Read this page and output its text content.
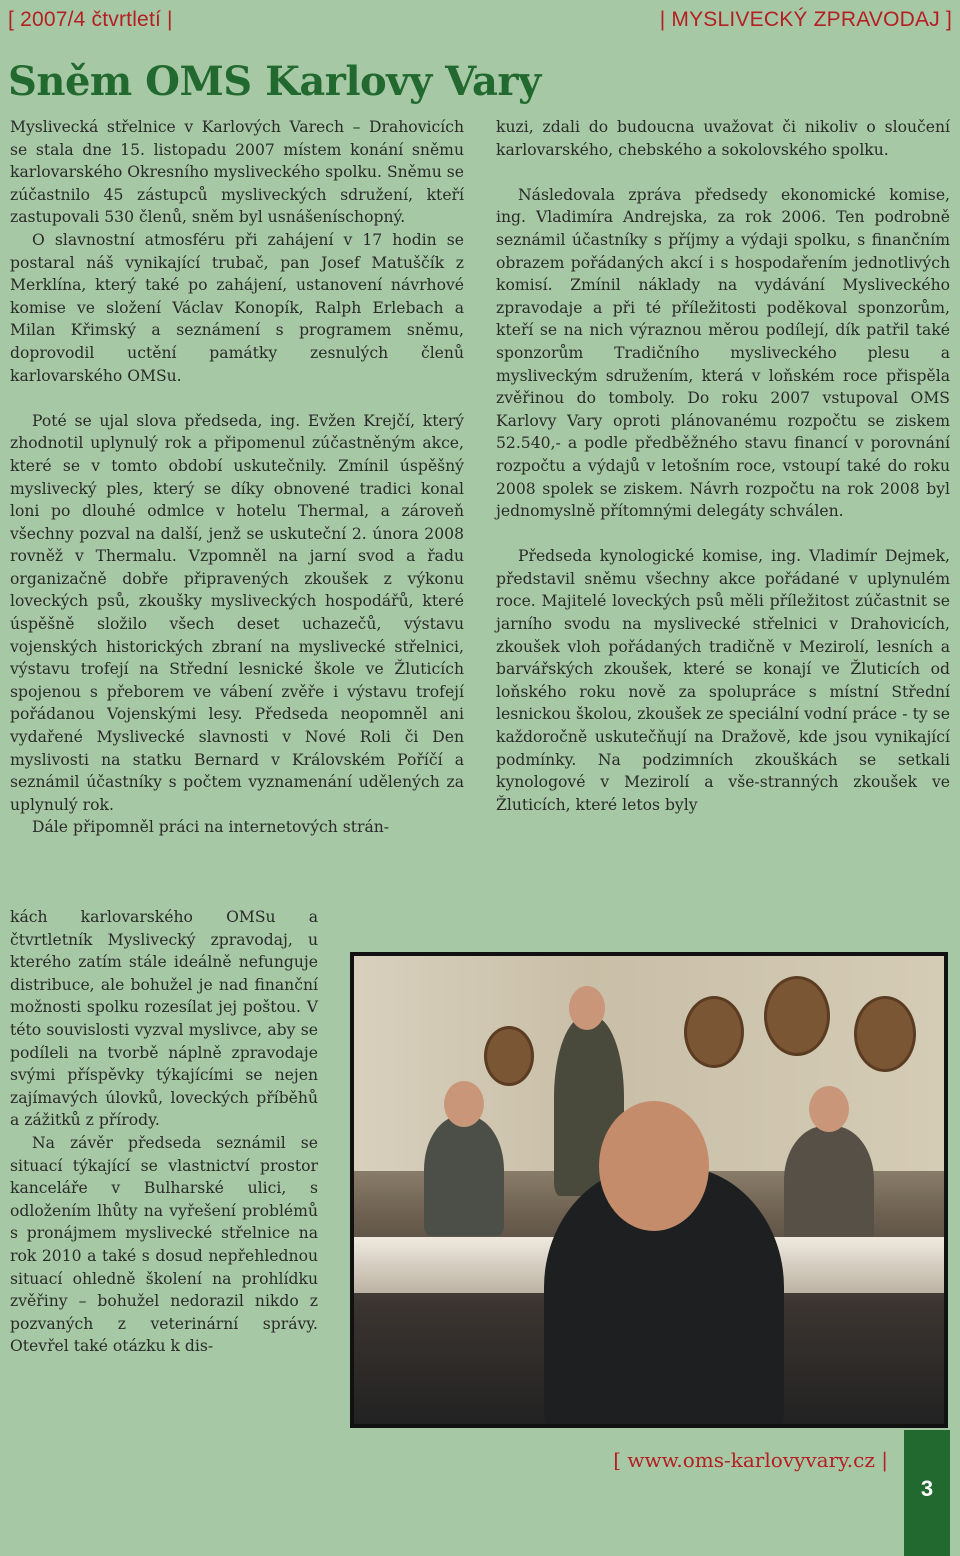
[ 2007/4 čtvrtletí |	| MYSLIVECKÝ ZPRAVODAJ ]
Sněm OMS Karlovy Vary

Myslivecká střelnice v Karlových Varech – Drahovicích se stala dne 15. listopadu 2007 místem konání sněmu karlovarského Okresního mysliveckého spolku. Sněmu se zúčastnilo 45 zástupců mysliveckých sdružení, kteří zastupovali 530 členů, sněm byl usnášeníschopný.

O slavnostní atmosféru při zahájení v 17 hodin se postaral náš vynikající trubač, pan Josef Matuščík z Merklína, který také po zahájení, ustanovení návrhové komise ve složení Václav Konopík, Ralph Erlebach a Milan Křimský a seznámení s programem sněmu, doprovodil uctění památky zesnulých členů karlovarského OMSu.

Poté se ujal slova předseda, ing. Evžen Krejčí, který zhodnotil uplynulý rok a připomenul zúčastněným akce, které se v tomto období uskutečnily. Zmínil úspěšný myslivecký ples, který se díky obnovené tradici konal loni po dlouhé odmlce v hotelu Thermal, a zároveň všechny pozval na další, jenž se uskuteční 2. února 2008 rovněž v Thermalu. Vzpomněl na jarní svod a řadu organizačně dobře připravených zkoušek z výkonu loveckých psů, zkoušky mysliveckých hospodářů, které úspěšně složilo všech deset uchazečů, výstavu vojenských historických zbraní na myslivecké střelnici, výstavu trofejí na Střední lesnické škole ve Žluticích spojenou s přeborem ve vábení zvěře i výstavu trofejí pořádanou Vojenskými lesy. Předseda neopomněl ani vydařené Myslivecké slavnosti v Nové Roli či Den myslivosti na statku Bernard v Královském Poříčí a seznámil účastníky s počtem vyznamenání udělených za uplynulý rok.

Dále připomněl práci na internetových strán-

kách karlovarského OMSu a čtvrtletník Myslivecký zpravodaj, u kterého zatím stále ideálně nefunguje distribuce, ale bohužel je nad finanční možnosti spolku rozesílat jej poštou. V této souvislosti vyzval myslivce, aby se podíleli na tvorbě náplně zpravodaje svými příspěvky týkajícími se nejen zajímavých úlovků, loveckých příběhů a zážitků z přírody.

Na závěr předseda seznámil se situací týkající se vlastnictví prostor kanceláře v Bulharské ulici, s odložením lhůty na vyřešení problémů s pronájmem myslivecké střelnice na rok 2010 a také s dosud nepřehlednou situací ohledně školení na prohlídku zvěřiny – bohužel nedorazil nikdo z pozvaných z veterinární správy. Otevřel také otázku k dis-

kuzi, zdali do budoucna uvažovat či nikoliv o sloučení karlovarského, chebského a sokolovského spolku.

Následovala zpráva předsedy ekonomické komise, ing. Vladimíra Andrejska, za rok 2006. Ten podrobně seznámil účastníky s příjmy a výdaji spolku, s finančním obrazem pořádaných akcí i s hospodařením jednotlivých komisí. Zmínil náklady na vydávání Mysliveckého zpravodaje a při té příležitosti poděkoval sponzorům, kteří se na nich výraznou měrou podílejí, dík patřil také sponzorům Tradičního mysliveckého plesu a mysliveckým sdružením, která v loňském roce přispěla zvěřinou do tomboly. Do roku 2007 vstupoval OMS Karlovy Vary oproti plánovanému rozpočtu se ziskem 52.540,- a podle předběžného stavu financí v porovnání rozpočtu a výdajů v letošním roce, vstoupí také do roku 2008 spolek se ziskem. Návrh rozpočtu na rok 2008 byl jednomyslně přítomnými delegáty schválen.

Předseda kynologické komise, ing. Vladimír Dejmek, představil sněmu všechny akce pořádané v uplynulém roce. Majitelé loveckých psů měli příležitost zúčastnit se jarního svodu na myslivecké střelnici v Drahovicích, zkoušek vloh pořádaných tradičně v Mezirolí, lesních a barvářských zkoušek, které se konají ve Žluticích od loňského roku nově za spolupráce s místní Střední lesnickou školou, zkoušek ze speciální vodní práce - ty se každoročně uskutečňují na Dražově, kde jsou vynikající podmínky. Na podzimních zkouškách se setkali kynologové v Mezirolí a vše-stranných zkoušek ve Žluticích, které letos byly

[ www.oms-karlovyvary.cz |
3
